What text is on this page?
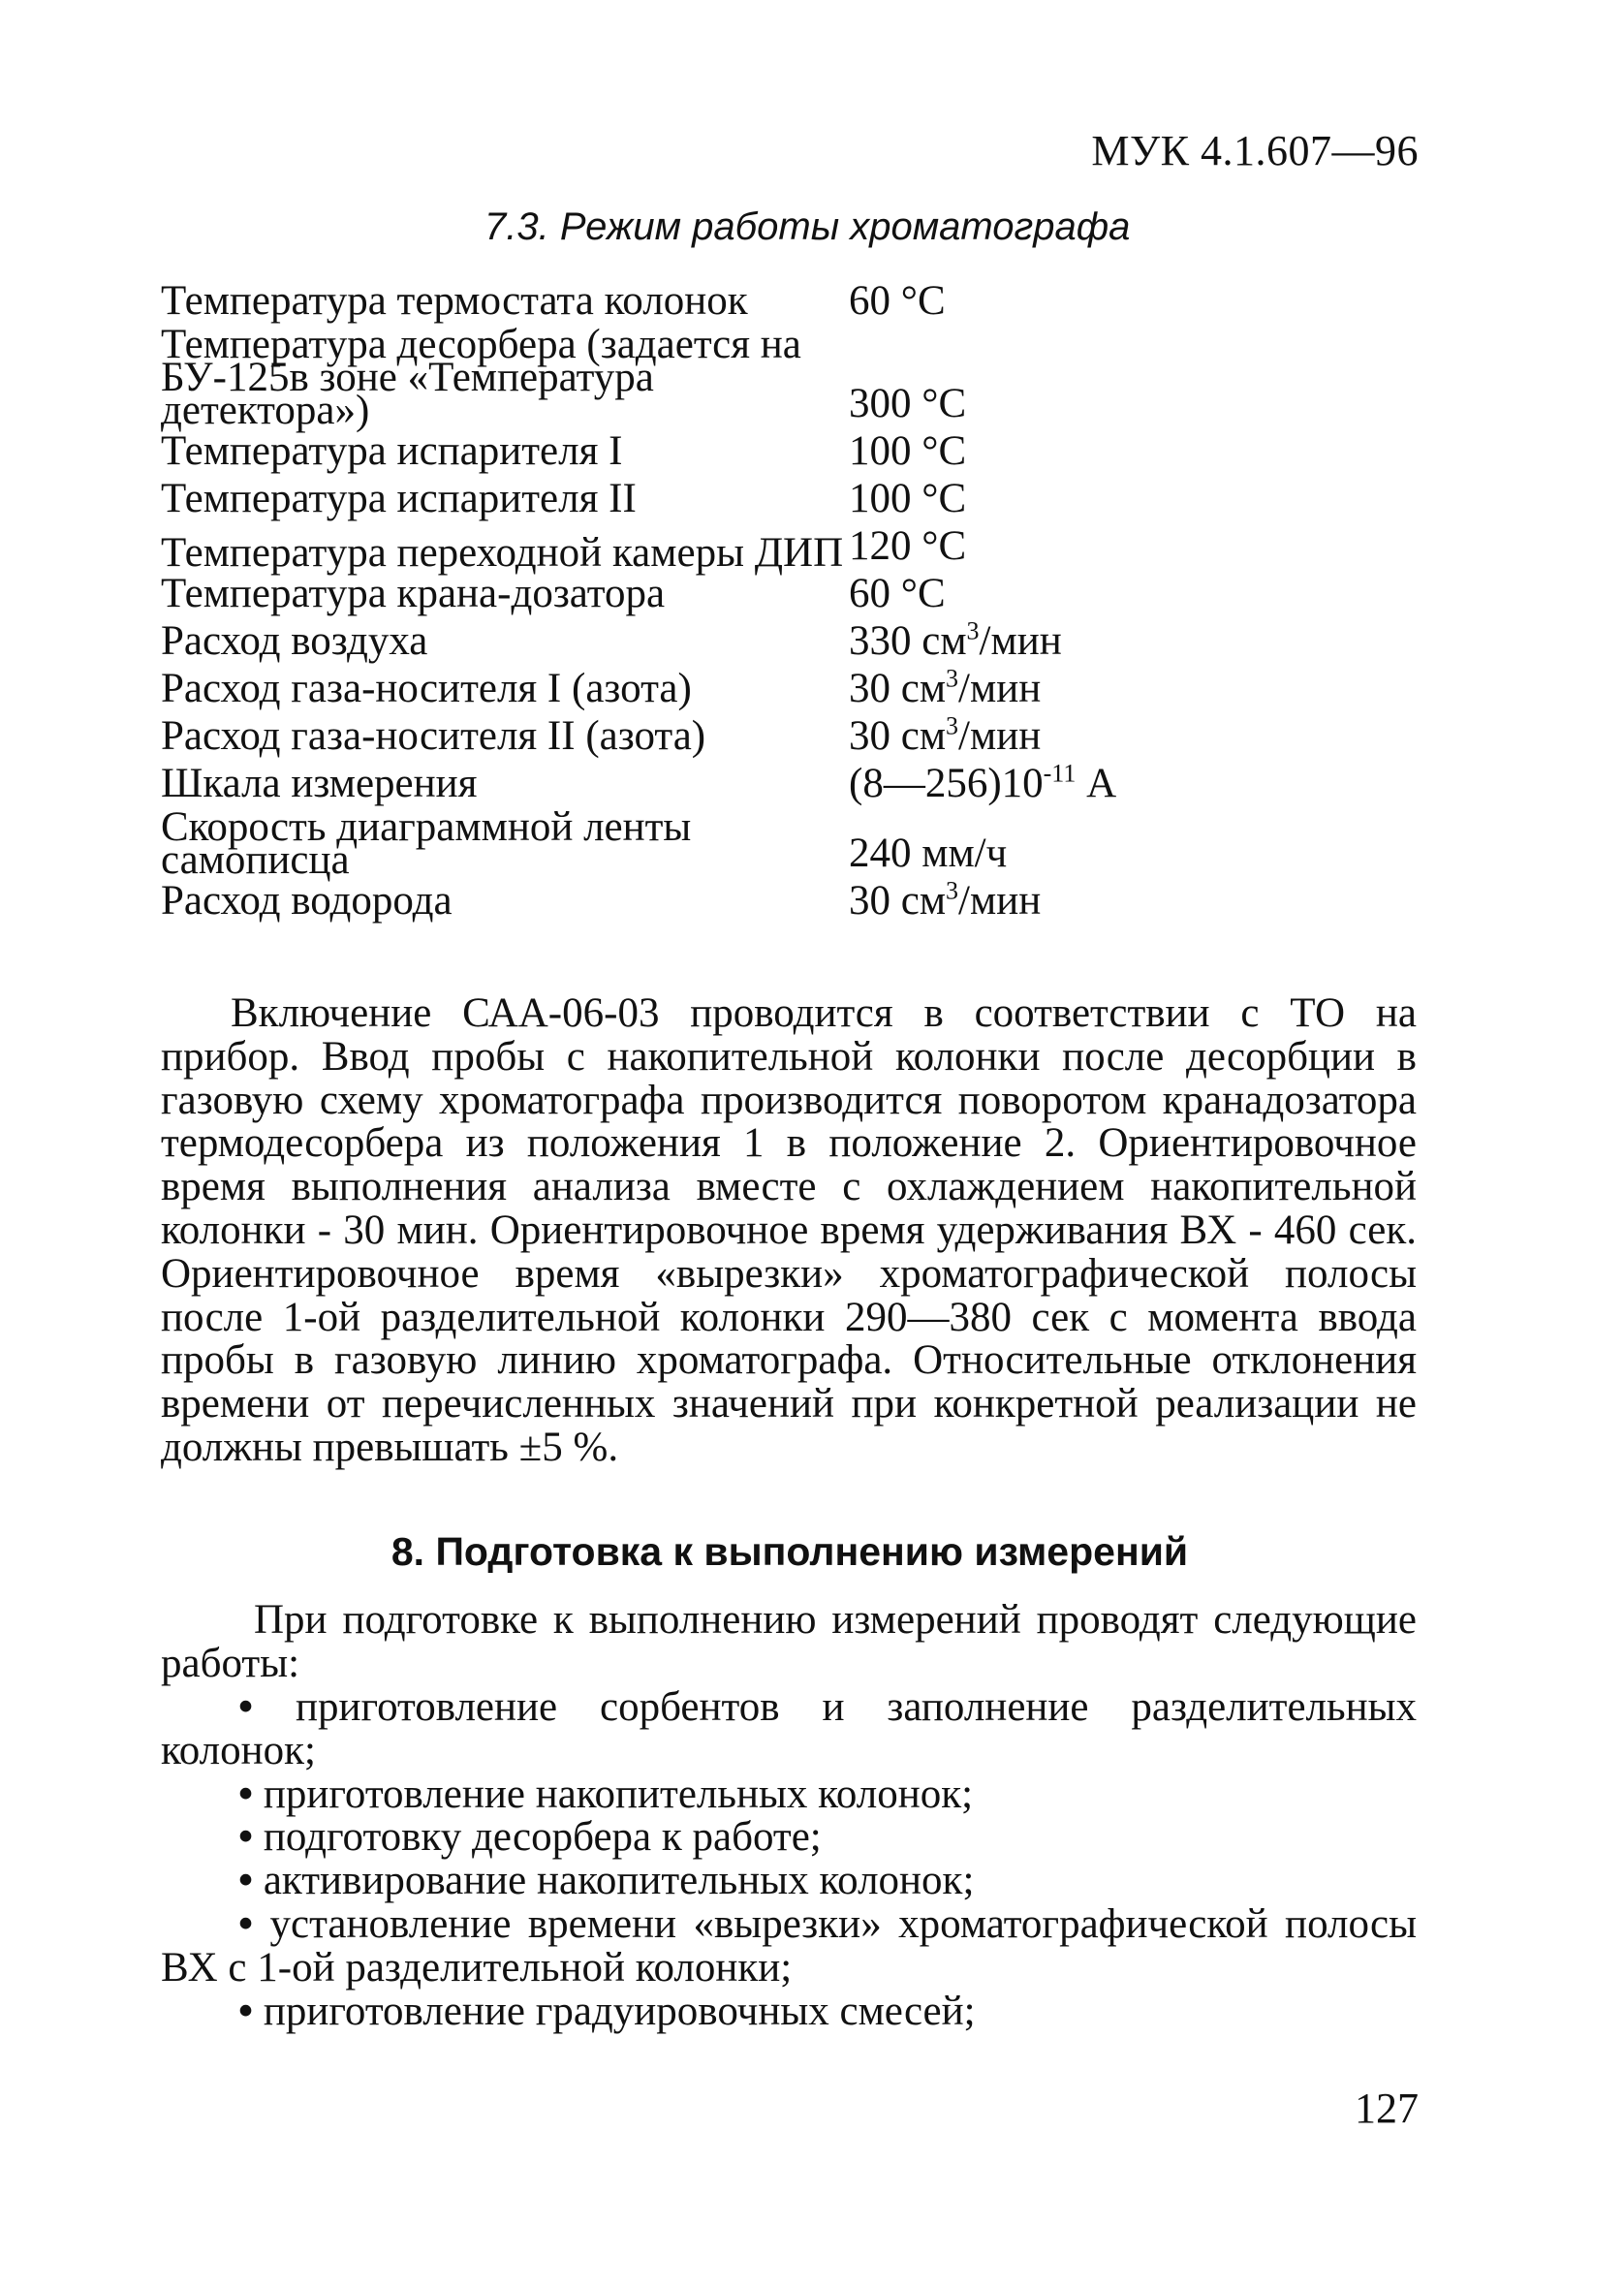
МУК 4.1.607—96
7.3. Режим работы хроматографа
Температура термостата колонок	60 °С
Температура десорбера (задается на БУ-125в зоне «Температура детектора»)	300 °С
Температура испарителя I	100 °С
Температура испарителя II	100 °С
Температура переходной камеры ДИП	120 °С
Температура крана-дозатора	60 °С
Расход воздуха	330 $см^3$/мин
Расход газа-носителя I (азота)	30 $см^3$/мин
Расход газа-носителя II (азота)	30 $см^3$/мин
Шкала измерения	$(8—256)10^{-11}$ А
Скорость диаграммной ленты самописца	240 мм/ч
Расход водорода	30 $см^3$/мин
Включение САА-06-03 проводится в соответствии с ТО на прибор. Ввод пробы с накопительной колонки после десорбции в газовую схему хроматографа производится поворотом кранадозатора термодесорбера из положения 1 в положение 2. Ориентировочное время выполнения анализа вместе с охлаждением накопительной колонки - 30 мин. Ориентировочное время удерживания ВХ - 460 сек. Ориентировочное время «вырезки» хроматографической полосы после 1-ой разделительной колонки 290—380 сек с момента ввода пробы в газовую линию хроматографа. Относительные отклонения времени от перечисленных значений при конкретной реализации не должны превышать ±5 %.
8. Подготовка к выполнению измерений
При подготовке к выполнению измерений проводят следующие работы:

• приготовление сорбентов и заполнение разделительных колонок;

• приготовление накопительных колонок;

• подготовку десорбера к работе;

• активирование накопительных колонок;

• установление времени «вырезки» хроматографической полосы ВХ с 1-ой разделительной колонки;

• приготовление градуировочных смесей;

127
